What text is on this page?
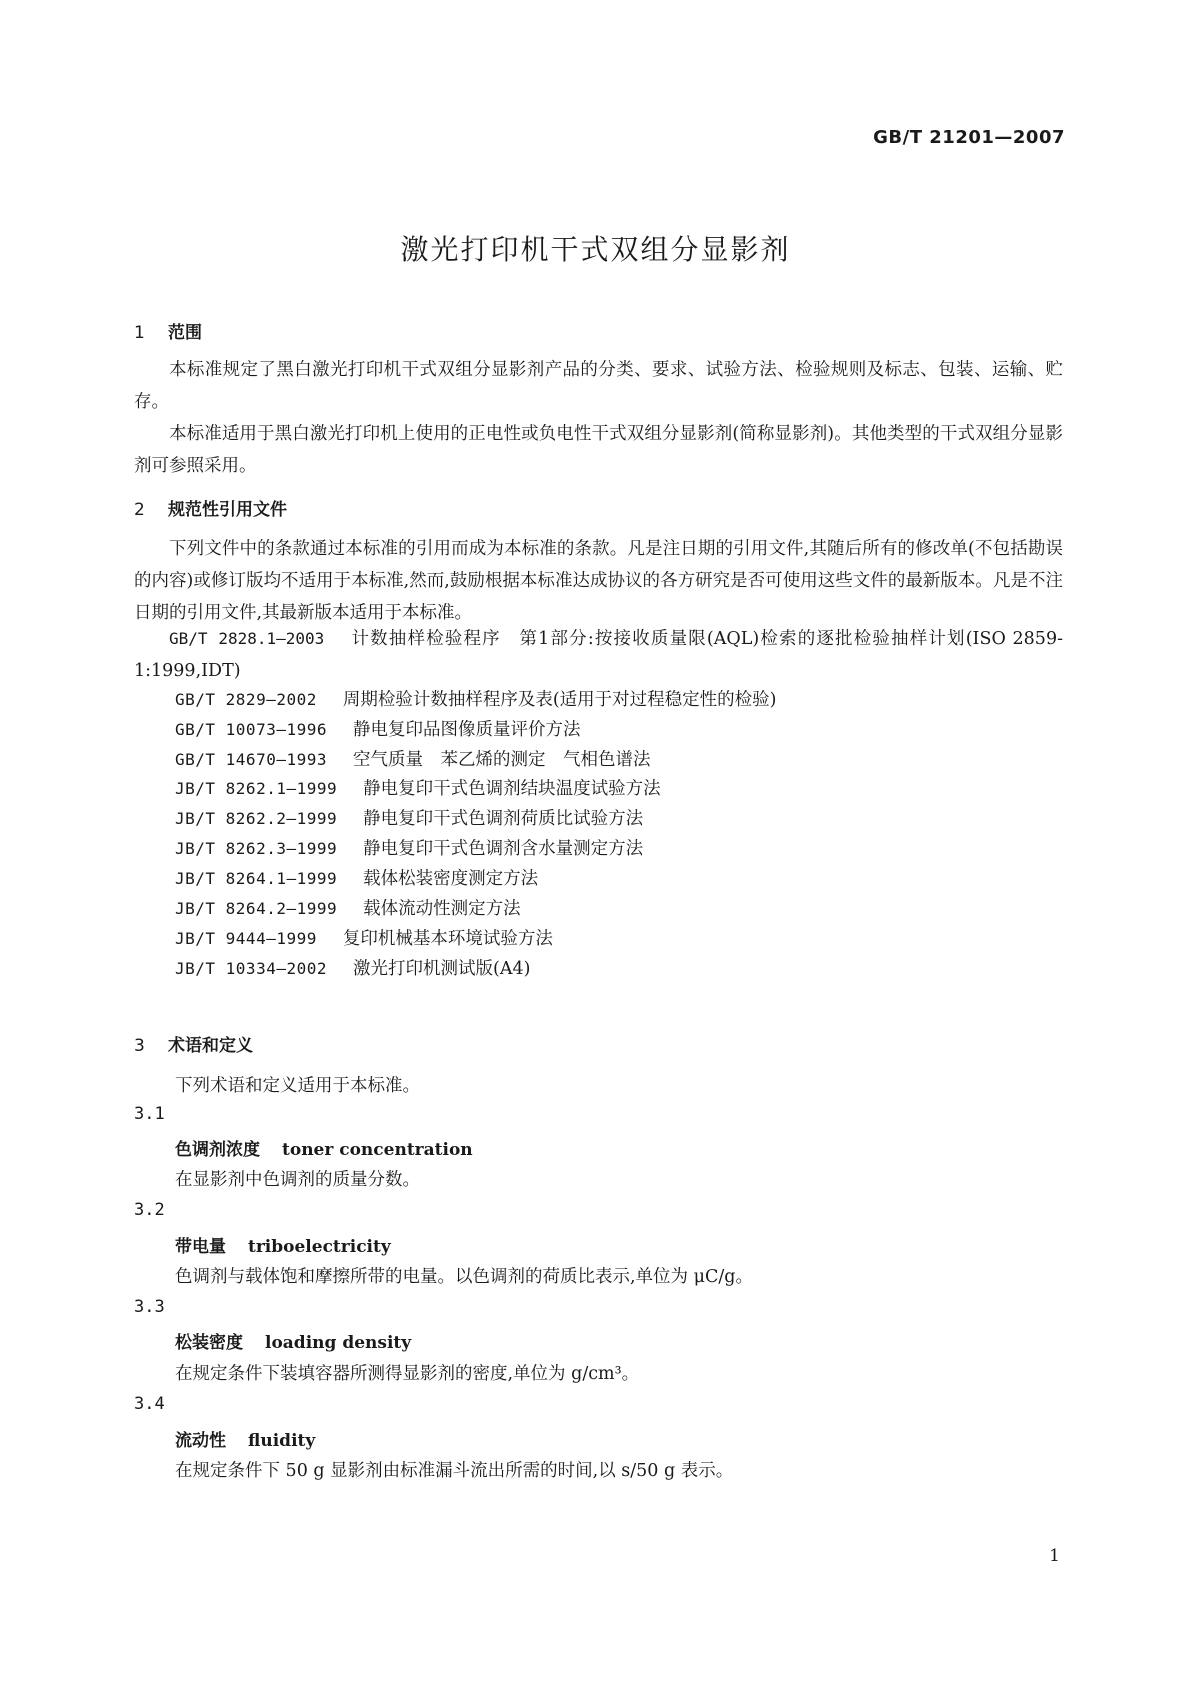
GB/T 21201—2007
激光打印机干式双组分显影剂
1 范围
本标准规定了黑白激光打印机干式双组分显影剂产品的分类、要求、试验方法、检验规则及标志、包装、运输、贮存。
本标准适用于黑白激光打印机上使用的正电性或负电性干式双组分显影剂(简称显影剂)。其他类型的干式双组分显影剂可参照采用。
2 规范性引用文件
下列文件中的条款通过本标准的引用而成为本标准的条款。凡是注日期的引用文件,其随后所有的修改单(不包括勘误的内容)或修订版均不适用于本标准,然而,鼓励根据本标准达成协议的各方研究是否可使用这些文件的最新版本。凡是不注日期的引用文件,其最新版本适用于本标准。
GB/T 2828.1—2003 计数抽样检验程序　第1部分:按接收质量限(AQL)检索的逐批检验抽样计划(ISO 2859-1:1999,IDT)
GB/T 2829—2002 周期检验计数抽样程序及表(适用于对过程稳定性的检验)
GB/T 10073—1996 静电复印品图像质量评价方法
GB/T 14670—1993 空气质量　苯乙烯的测定　气相色谱法
JB/T 8262.1—1999 静电复印干式色调剂结块温度试验方法
JB/T 8262.2—1999 静电复印干式色调剂荷质比试验方法
JB/T 8262.3—1999 静电复印干式色调剂含水量测定方法
JB/T 8264.1—1999 载体松装密度测定方法
JB/T 8264.2—1999 载体流动性测定方法
JB/T 9444—1999 复印机械基本环境试验方法
JB/T 10334—2002 激光打印机测试版(A4)
3 术语和定义
下列术语和定义适用于本标准。
3.1
色调剂浓度 toner concentration
在显影剂中色调剂的质量分数。
3.2
带电量 triboelectricity
色调剂与载体饱和摩擦所带的电量。以色调剂的荷质比表示,单位为 μC/g。
3.3
松装密度 loading density
在规定条件下装填容器所测得显影剂的密度,单位为 g/cm³。
3.4
流动性 fluidity
在规定条件下 50 g 显影剂由标准漏斗流出所需的时间,以 s/50 g 表示。
1
